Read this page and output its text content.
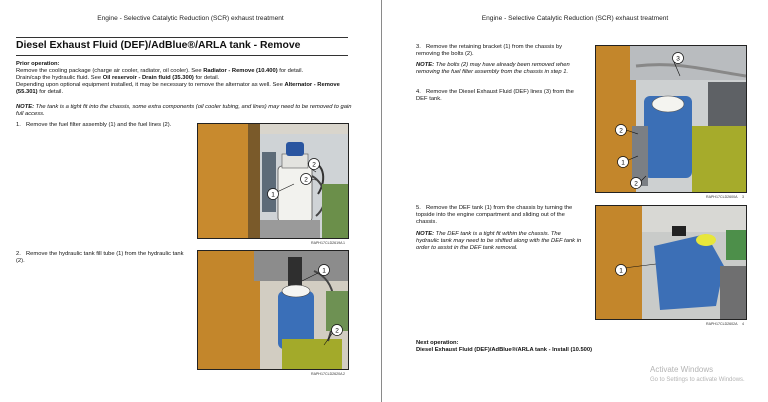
Engine - Selective Catalytic Reduction (SCR) exhaust treatment
Diesel Exhaust Fluid (DEF)/AdBlue®/ARLA tank - Remove
Prior operation:
Remove the cooling package (charge air cooler, radiator, oil cooler). See Radiator - Remove (10.400) for detail.
Drain/cap the hydraulic fluid. See Oil reservoir - Drain fluid (35.300) for detail.
Depending upon optional equipment installed, it may be necessary to remove the alternator as well. See Alternator - Remove (55.301) for detail.
NOTE: The tank is a tight fit into the chassis, some extra components (oil cooler tubing, and lines) may need to be removed to gain full access.
1. Remove the fuel filter assembly (1) and the fuel lines (2).
1
2
2
RAPH17CLD2619A 1
2. Remove the hydraulic tank fill tube (1) from the hydraulic tank (2).
1
2
RAPH17CLD2620A 2
Engine - Selective Catalytic Reduction (SCR) exhaust treatment
3. Remove the retaining bracket (1) from the chassis by removing the bolts (2).
NOTE: The bolts (2) may have already been removed when removing the fuel filter assembly from the chassis in step 1.
4. Remove the Diesel Exhaust Fluid (DEF) lines (3) from the DEF tank.
3
2
1
2
RAPH17CLD2600A 3
5. Remove the DEF tank (1) from the chassis by turning the topside into the engine compartment and sliding out of the chassis.
NOTE: The DEF tank is a tight fit within the chassis. The hydraulic tank may need to be shifted along with the DEF tank in order to assist in the DEF tank removal.
1
RAPH17CLD2602A 4
Next operation:
Diesel Exhaust Fluid (DEF)/AdBlue®/ARLA tank - Install (10.500)
Activate Windows
Go to Settings to activate Windows.
